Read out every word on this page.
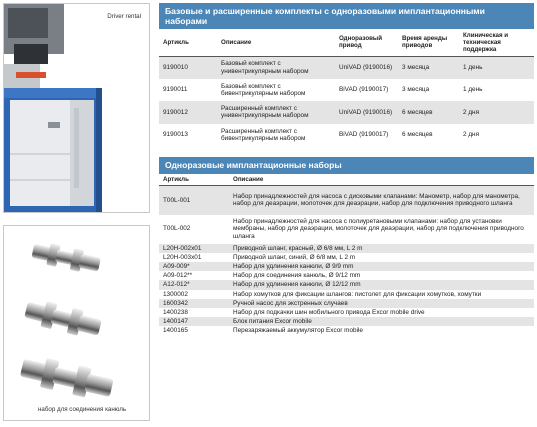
Driver rental
набор для соединения канюль
Базовые и расширенные комплекты с одноразовыми имплантационными наборами
Артикль	Описание	Одноразовый привод	Время аренды приводов	Клиническая и техническая поддержка
9190010	Базовый комплект с унивентрикулярным набором	UniVAD (9190016)	3 месяца	1 день
9190011	Базовый комплект с бивентрикулярным набором	BiVAD (9190017)	3 месяца	1 день
9190012	Расширенный комплект с унивентрикулярным набором	UniVAD (9190016)	6 месяцев	2 дня
9190013	Расширенный комплект с бивентрикулярным набором	BiVAD (9190017)	6 месяцев	2 дня
Одноразовые имплантационные наборы
Артикль	Описание
T00L-001	Набор принадлежностей для насоса с дисковыми клапанами: Манометр, набор для манометра, набор для деаэрации, молоточек для деаэрации, набор для подключения приводного шланга
T00L-002	Набор принадлежностей для насоса с полиуретановыми клапанами: набор для установки мембраны, набор для деаэрации, молоточек для деаэрации, набор для подключения приводного шланга
L20H-002x01	Приводной шланг, красный, Ø 6/8 мм, L 2 m
L20H-003x01	Приводной шланг, синий, Ø 6/8 мм, L 2 m
A09-009*	Набор для удлинения канюли, Ø 9/9 mm
A09-012**	Набор для соединения канюль, Ø 9/12 mm
A12-012*	Набор для удлинения канюли, Ø 12/12 mm
1300002	Набор хомутков для фиксации шлангов: пистолет для фиксации хомутков, хомутки
1600342	Ручной насос для экстренных случаев
1400238	Набор для подкачки шин мобильного привода Excor mobile drive
1400147	Блок питания Excor mobile
1400165	Перезаряжаемый аккумулятор Excor mobile
